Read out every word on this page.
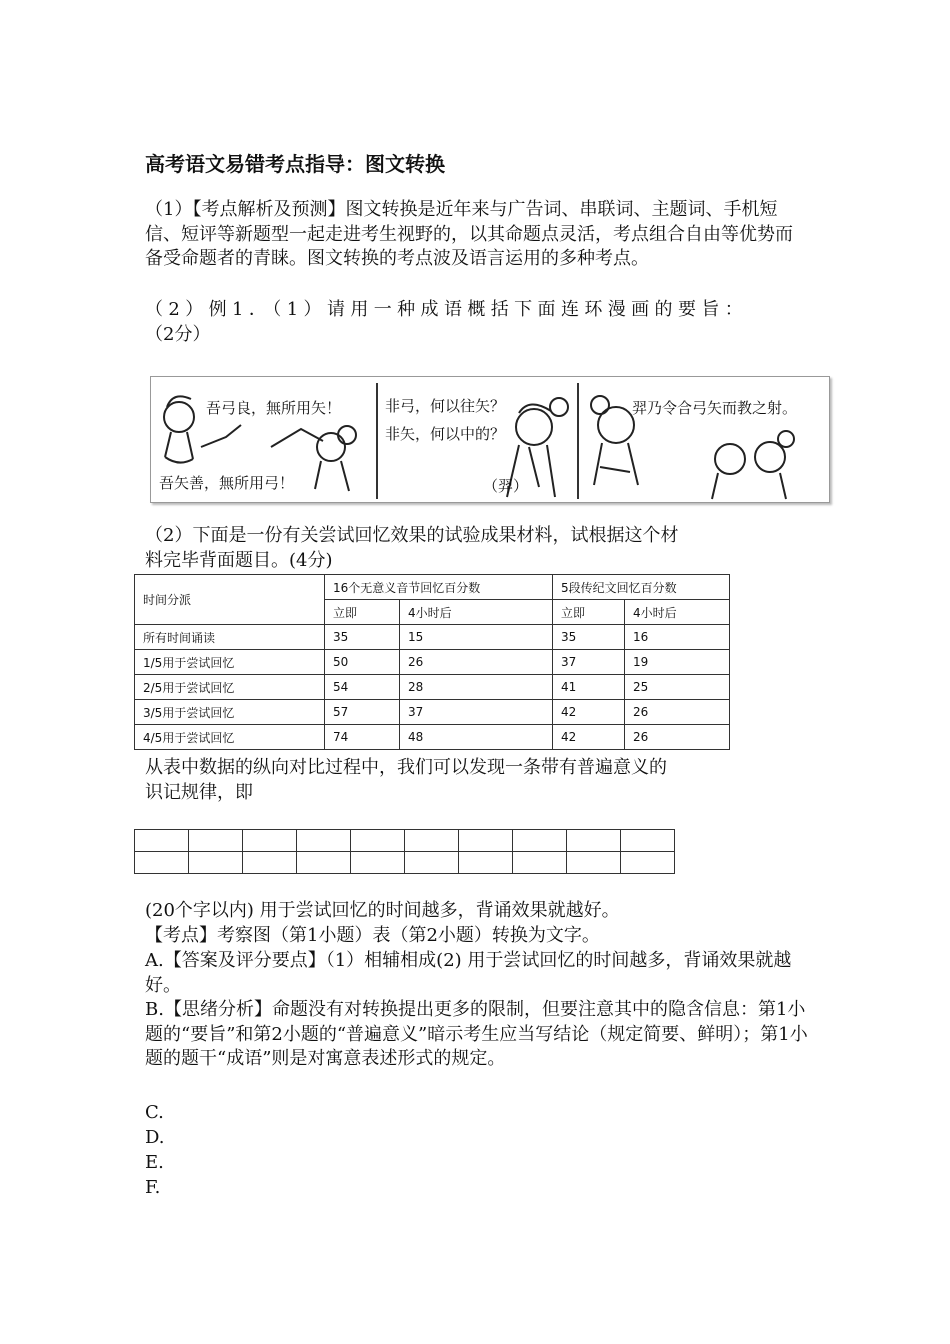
高考语文易错考点指导：图文转换
（1）【考点解析及预测】图文转换是近年来与广告词、串联词、主题词、手机短信、短评等新题型一起走进考生视野的，以其命题点灵活，考点组合自由等优势而备受命题者的青睐。图文转换的考点波及语言运用的多种考点。
（2）例1．（1）请用一种成语概括下面连环漫画的要旨：
（2分）
吾弓良，無所用矢！
吾矢善，無所用弓！
非弓，何以往矢？
非矢，何以中的？
（羿）
羿乃令合弓矢而教之射。
（2）下面是一份有关尝试回忆效果的试验成果材料，试根据这个材
料完毕背面题目。(4分)
时间分派	16个无意义音节回忆百分数		5段传纪文回忆百分数	
	立即	4小时后	立即	4小时后
所有时间诵读	35	15	35	16
1/5用于尝试回忆	50	26	37	19
2/5用于尝试回忆	54	28	41	25
3/5用于尝试回忆	57	37	42	26
4/5用于尝试回忆	74	48	42	26
从表中数据的纵向对比过程中，我们可以发现一条带有普遍意义的
识记规律，即

(20个字以内) 用于尝试回忆的时间越多，背诵效果就越好。
【考点】考察图（第1小题）表（第2小题）转换为文字。
A.【答案及评分要点】（1）相辅相成(2) 用于尝试回忆的时间越多，背诵效果就越好。
B.【思绪分析】命题没有对转换提出更多的限制，但要注意其中的隐含信息：第1小题的“要旨”和第2小题的“普遍意义”暗示考生应当写结论（规定简要、鲜明）；第1小题的题干“成语”则是对寓意表述形式的规定。
C.
D.
E.
F.
